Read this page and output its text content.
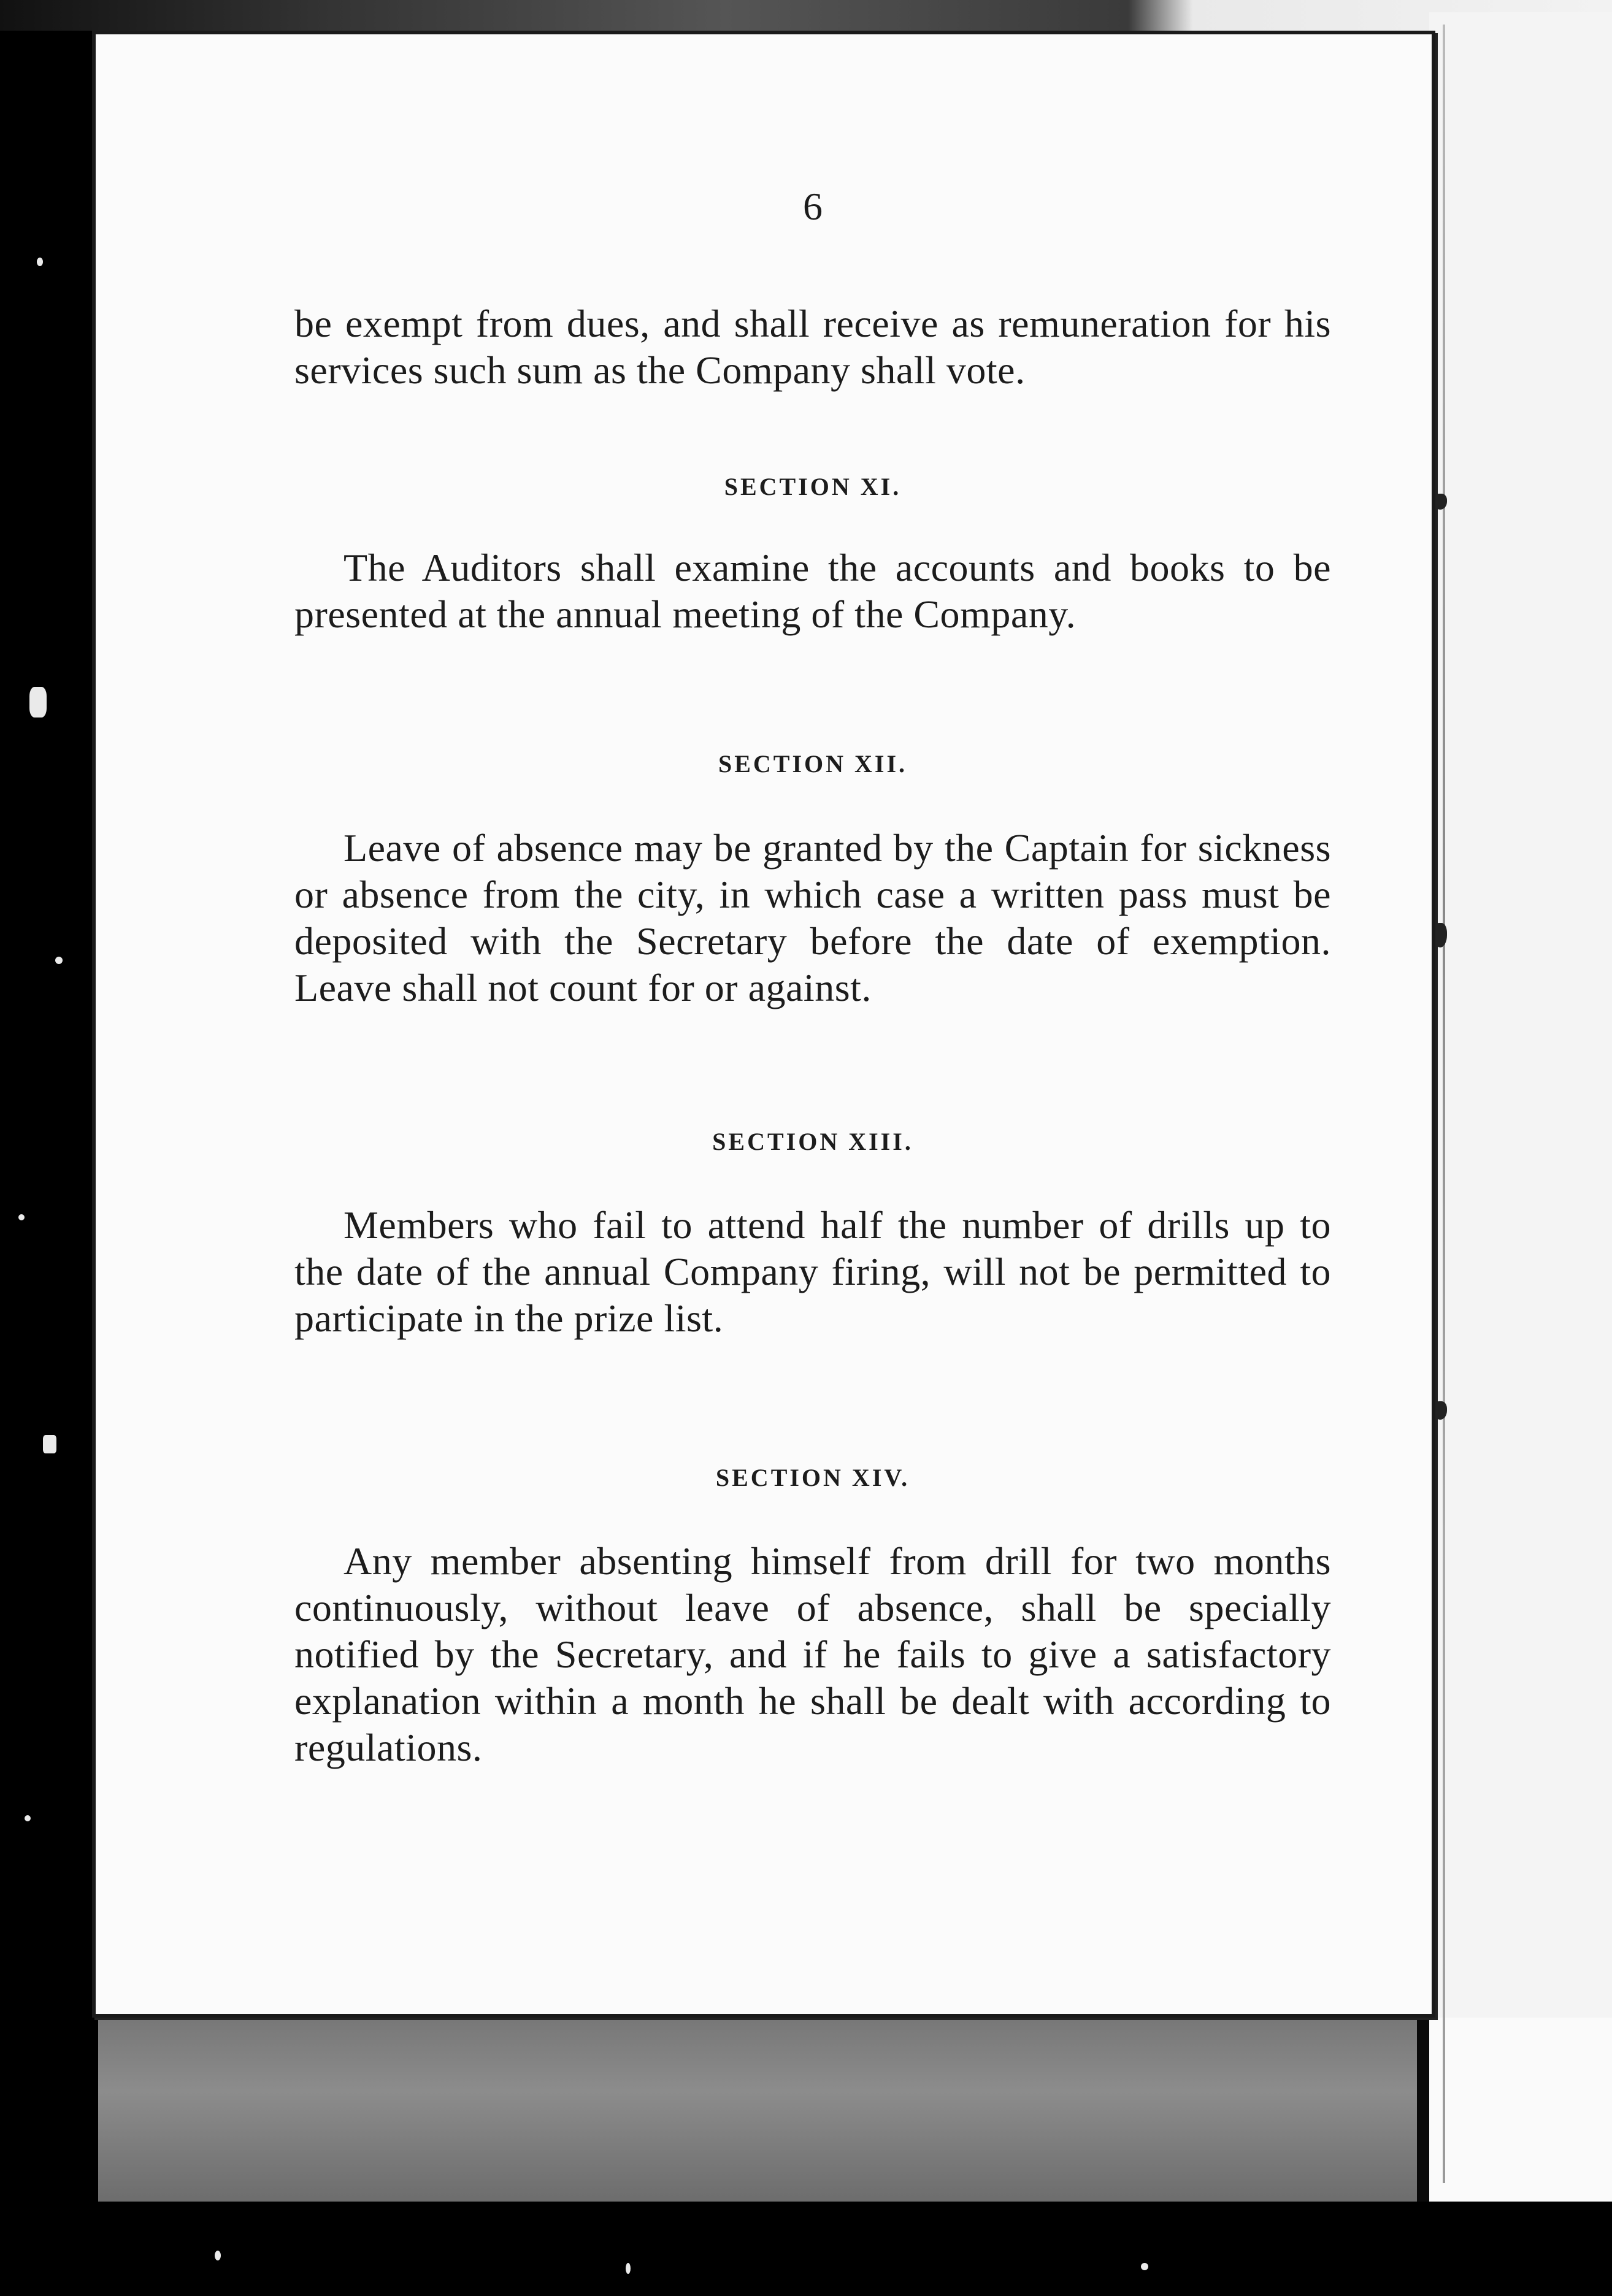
6

be exempt from dues, and shall receive as remuneration for his services such sum as the Company shall vote.

SECTION XI.

The Auditors shall examine the accounts and books to be presented at the annual meeting of the Company.

SECTION XII.

Leave of absence may be granted by the Captain for sickness or absence from the city, in which case a written pass must be deposited with the Secretary before the date of exemption. Leave shall not count for or against.

SECTION XIII.

Members who fail to attend half the number of drills up to the date of the annual Company firing, will not be permitted to participate in the prize list.

SECTION XIV.

Any member absenting himself from drill for two months continuously, without leave of absence, shall be specially notified by the Secretary, and if he fails to give a satisfactory explanation within a month he shall be dealt with according to regulations.
